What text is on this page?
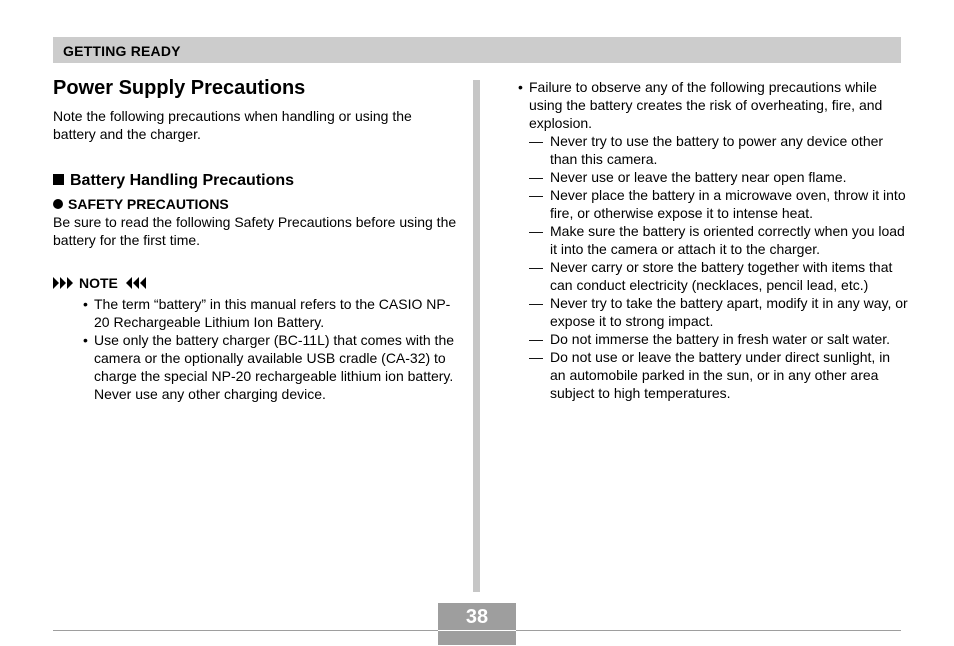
GETTING READY
Power Supply Precautions

Note the following precautions when handling or using the battery and the charger.

Battery Handling Precautions
SAFETY PRECAUTIONS

Be sure to read the following Safety Precautions before using the battery for the first time.

NOTE
• The term “battery” in this manual refers to the CASIO NP-20 Rechargeable Lithium Ion Battery.
• Use only the battery charger (BC-11L) that comes with the camera or the optionally available USB cradle (CA-32) to charge the special NP-20 rechargeable lithium ion battery.
Never use any other charging device.
• Failure to observe any of the following precautions while using the battery creates the risk of overheating, fire, and explosion.
— Never try to use the battery to power any device other than this camera.
— Never use or leave the battery near open flame.
— Never place the battery in a microwave oven, throw it into fire, or otherwise expose it to intense heat.
— Make sure the battery is oriented correctly when you load it into the camera or attach it to the charger.
— Never carry or store the battery together with items that can conduct electricity (necklaces, pencil lead, etc.)
— Never try to take the battery apart, modify it in any way, or expose it to strong impact.
— Do not immerse the battery in fresh water or salt water.
— Do not use or leave the battery under direct sunlight, in an automobile parked in the sun, or in any other area subject to high temperatures.
38
